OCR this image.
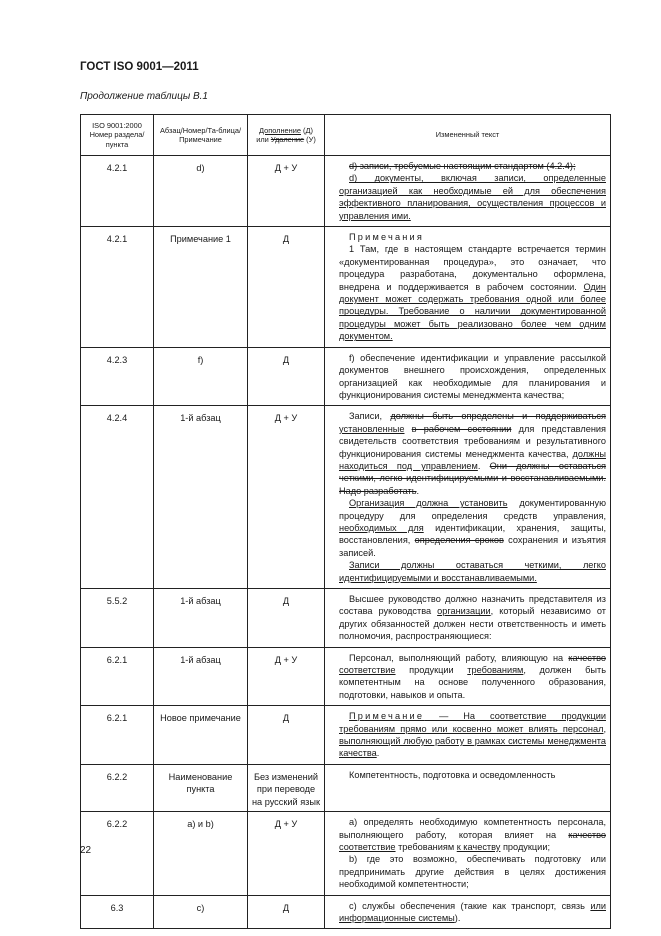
ГОСТ ISO 9001—2011
Продолжение таблицы В.1
ISO 9001:2000 Номер раздела/ пункта	Абзац/Номер/Та-блица/Примечание	Дополнение (Д)
или Удаление (У)	Измененный текст
4.2.1	d)	Д + У	d) записи, требуемые настоящим стандартом (4.2.4);

d) документы, включая записи, определенные организацией как необходимые ей для обеспечения эффективного планирования, осуществления процессов и управления ими.

4.2.1	Примечание 1	Д	Примечания

1 Там, где в настоящем стандарте встречается термин «документированная процедура», это означает, что процедура разработана, документально оформлена, внедрена и поддерживается в рабочем состоянии. Один документ может содержать требования одной или более процедуры. Требование о наличии документированной процедуры может быть реализовано более чем одним документом.

4.2.3	f)	Д	f) обеспечение идентификации и управление рассылкой документов внешнего происхождения, определенных организацией как необходимые для планирования и функционирования системы менеджмента качества;

4.2.4	1-й абзац	Д + У	Записи, должны быть определены и поддерживаться установленные в рабочем состоянии для представления свидетельств соответствия требованиям и результативного функционирования системы менеджмента качества, должны находиться под управлением. Они должны оставаться четкими, легко идентифицируемыми и восстанавливаемыми. Надо разработать.

Организация должна установить документированную процедуру для определения средств управления, необходимых для идентификации, хранения, защиты, восстановления, определения сроков сохранения и изъятия записей.

Записи должны оставаться четкими, легко идентифицируемыми и восстанавливаемыми.

5.5.2	1-й абзац	Д	Высшее руководство должно назначить представителя из состава руководства организации, который независимо от других обязанностей должен нести ответственность и иметь полномочия, распространяющиеся:

6.2.1	1-й абзац	Д + У	Персонал, выполняющий работу, влияющую на качество соответствие продукции требованиям, должен быть компетентным на основе полученного образования, подготовки, навыков и опыта.

6.2.1	Новое примечание	Д	Примечание — На соответствие продукции требованиям прямо или косвенно может влиять персонал, выполняющий любую работу в рамках системы менеджмента качества.

6.2.2	Наименование пункта	Без изменений при переводе на русский язык	Компетентность, подготовка и осведомленность

6.2.2	a) и b)	Д + У	a) определять необходимую компетентность персонала, выполняющего работу, которая влияет на качество соответствие требованиям к качеству продукции;

b) где это возможно, обеспечивать подготовку или предпринимать другие действия в целях достижения необходимой компетентности;

6.3	c)	Д	c) службы обеспечения (такие как транспорт, связь или информационные системы).

22
